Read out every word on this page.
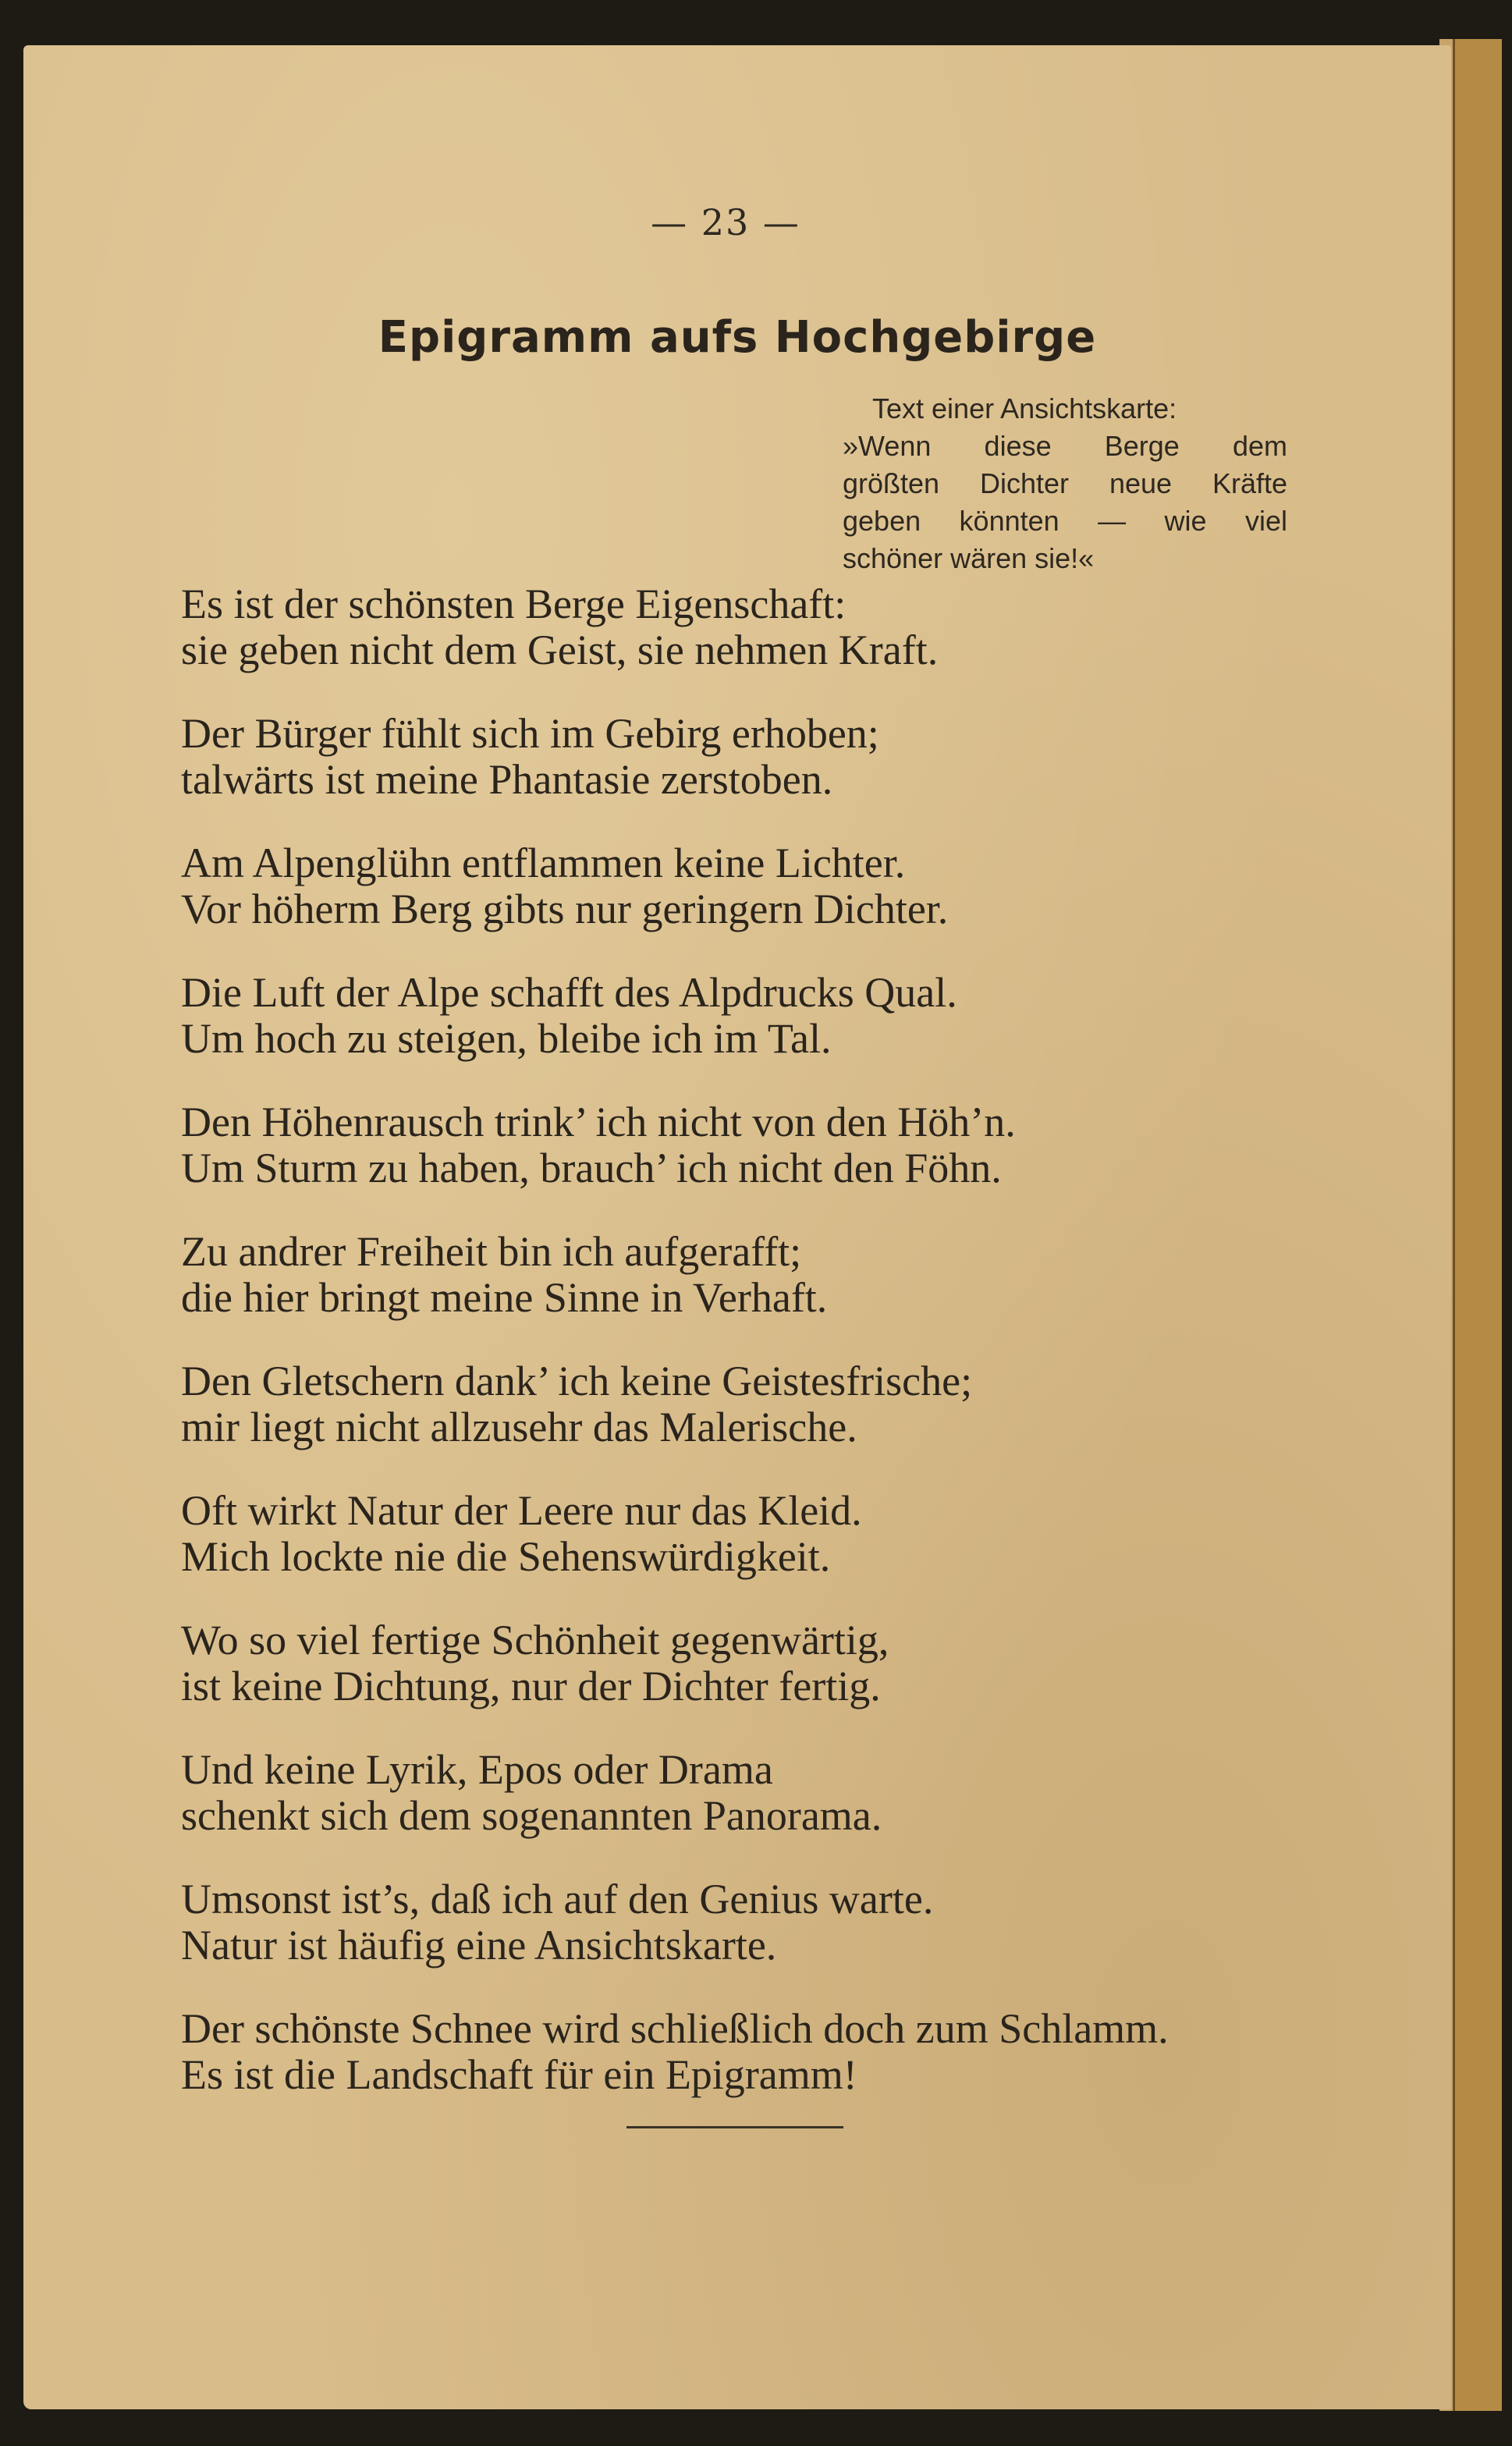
— 23 —
Epigramm aufs Hochgebirge
Text einer Ansichtskarte:
»Wenn diese Berge dem
größten Dichter neue Kräfte
geben könnten — wie viel
schöner wären sie!«
Es ist der schönsten Berge Eigenschaft:
sie geben nicht dem Geist, sie nehmen Kraft.
Der Bürger fühlt sich im Gebirg erhoben;
talwärts ist meine Phantasie zerstoben.
Am Alpenglühn entflammen keine Lichter.
Vor höherm Berg gibts nur geringern Dichter.
Die Luft der Alpe schafft des Alpdrucks Qual.
Um hoch zu steigen, bleibe ich im Tal.
Den Höhenrausch trink’ ich nicht von den Höh’n.
Um Sturm zu haben, brauch’ ich nicht den Föhn.
Zu andrer Freiheit bin ich aufgerafft;
die hier bringt meine Sinne in Verhaft.
Den Gletschern dank’ ich keine Geistesfrische;
mir liegt nicht allzusehr das Malerische.
Oft wirkt Natur der Leere nur das Kleid.
Mich lockte nie die Sehenswürdigkeit.
Wo so viel fertige Schönheit gegenwärtig,
ist keine Dichtung, nur der Dichter fertig.
Und keine Lyrik, Epos oder Drama
schenkt sich dem sogenannten Panorama.
Umsonst ist’s, daß ich auf den Genius warte.
Natur ist häufig eine Ansichtskarte.
Der schönste Schnee wird schließlich doch zum Schlamm.
Es ist die Landschaft für ein Epigramm!
